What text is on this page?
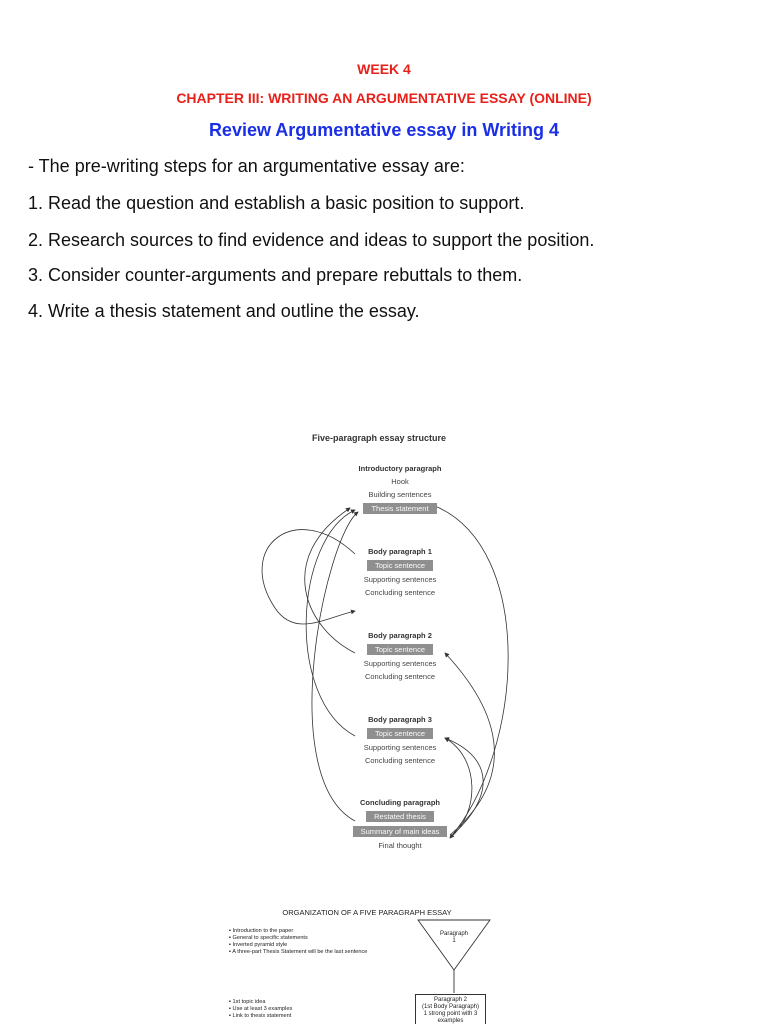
WEEK 4
CHAPTER III: WRITING AN ARGUMENTATIVE ESSAY (ONLINE)
Review Argumentative essay in Writing 4
- The pre-writing steps for an argumentative essay are:
1. Read the question and establish a basic position to support.
2. Research sources to find evidence and ideas to support the position.
3. Consider counter-arguments and prepare rebuttals to them.
4. Write a thesis statement and outline the essay.
Five-paragraph essay structure
Introductory paragraph
Hook
Building sentences
Thesis statement
Body paragraph 1
Topic sentence
Supporting sentences
Concluding sentence
Body paragraph 2
Topic sentence
Supporting sentences
Concluding sentence
Body paragraph 3
Topic sentence
Supporting sentences
Concluding sentence
Concluding paragraph
Restated thesis
Summary of main ideas
Final thought
ORGANIZATION OF A FIVE PARAGRAPH ESSAY
▪ Introduction to the paper
▪ General to specific statements
▪ Inverted pyramid style
▪ A three-part Thesis Statement will be the last sentence
▪ 1st topic idea
▪ Use at least 3 examples
▪ Link to thesis statement
Paragraph
1
Paragraph 2
(1st Body Paragraph)
1 strong point with 3
examples
